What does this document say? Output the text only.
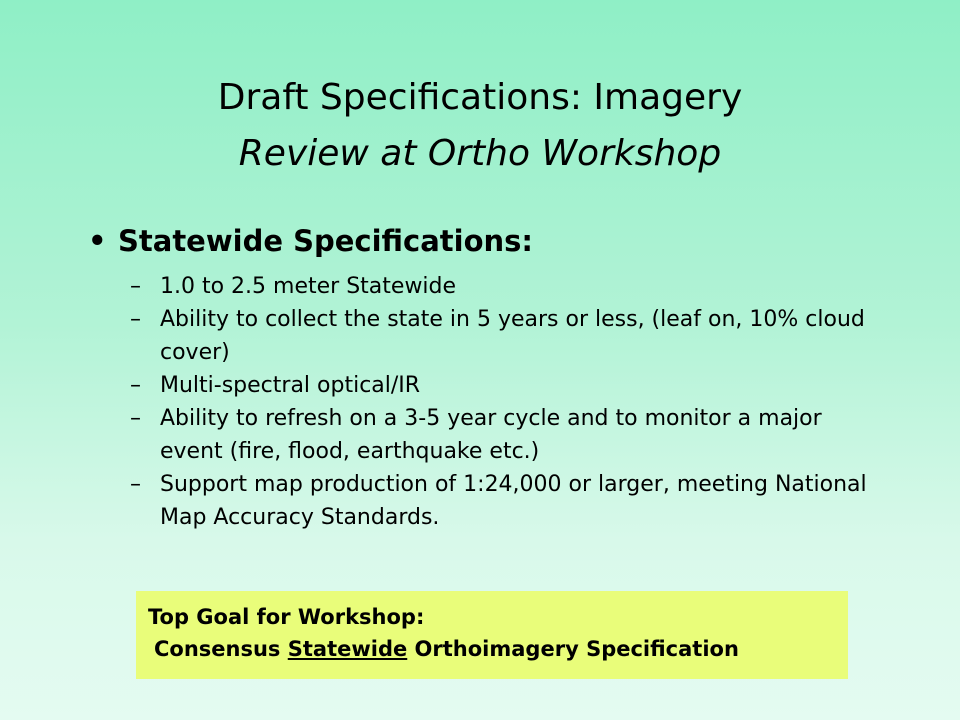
Draft Specifications: Imagery
Review at Ortho Workshop
• Statewide Specifications:
– 1.0 to 2.5 meter Statewide
– Ability to collect the state in 5 years or less, (leaf on, 10% cloud cover)
– Multi-spectral optical/IR
– Ability to refresh on a 3-5 year cycle and to monitor a major event (fire, flood, earthquake etc.)
– Support map production of 1:24,000 or larger, meeting National Map Accuracy Standards.
Top Goal for Workshop:
Consensus Statewide Orthoimagery Specification
